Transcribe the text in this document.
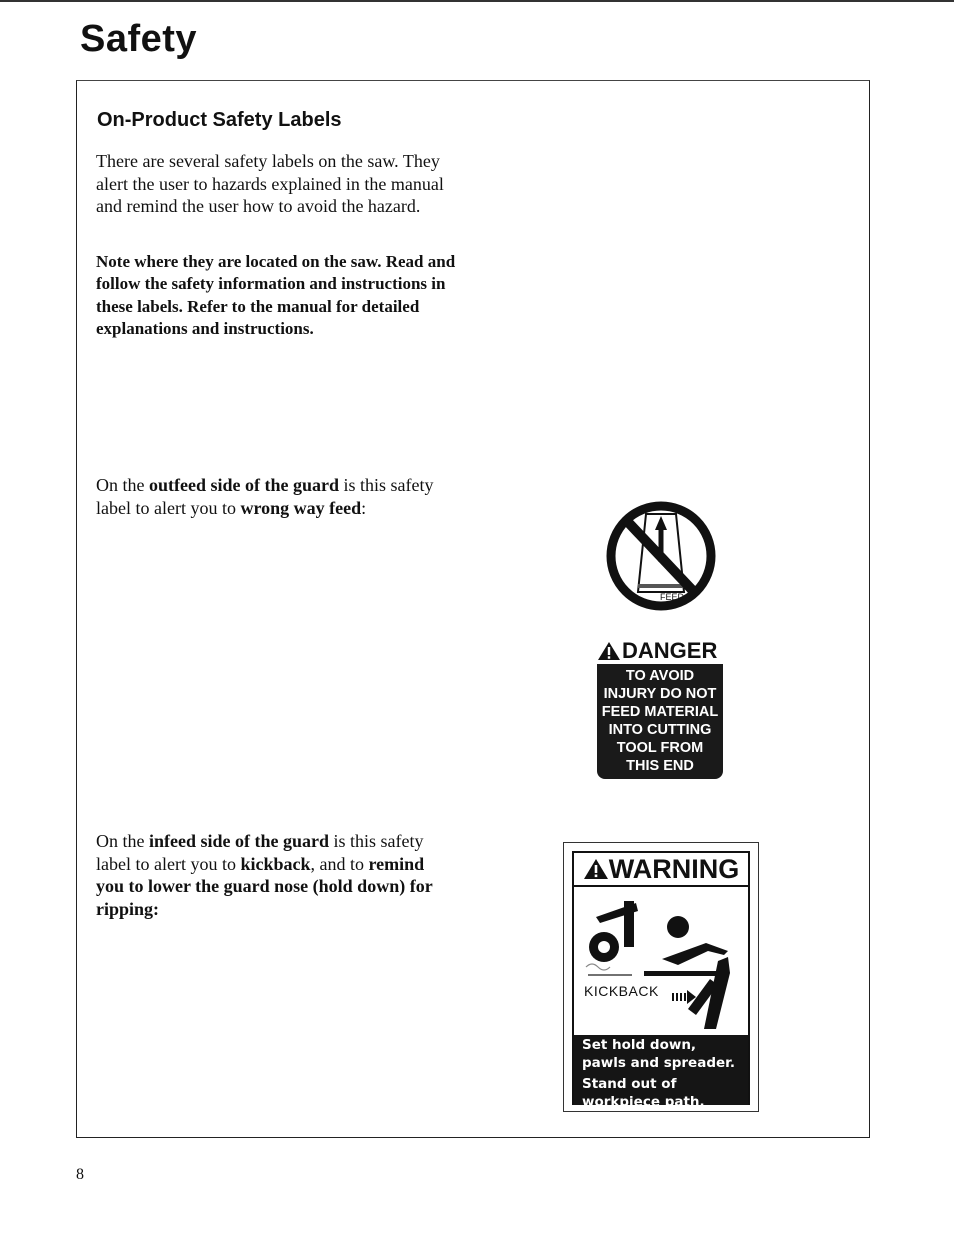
Safety
On-Product Safety Labels

There are several safety labels on the saw. They alert the user to hazards explained in the manual and remind the user how to avoid the hazard.

Note where they are located on the saw. Read and follow the safety information and instructions in these labels. Refer to the manual for detailed explanations and instructions.

On the outfeed side of the guard is this safety label to alert you to wrong way feed:

On the infeed side of the guard is this safety label to alert you to kickback, and to remind you to lower the guard nose (hold down) for ripping:

FEED
DANGER
TO AVOID
INJURY DO NOT
FEED MATERIAL
INTO CUTTING
TOOL FROM
THIS END
WARNING
KICKBACK
Set hold down,
pawls and spreader.
Stand out of
workpiece path.
8
